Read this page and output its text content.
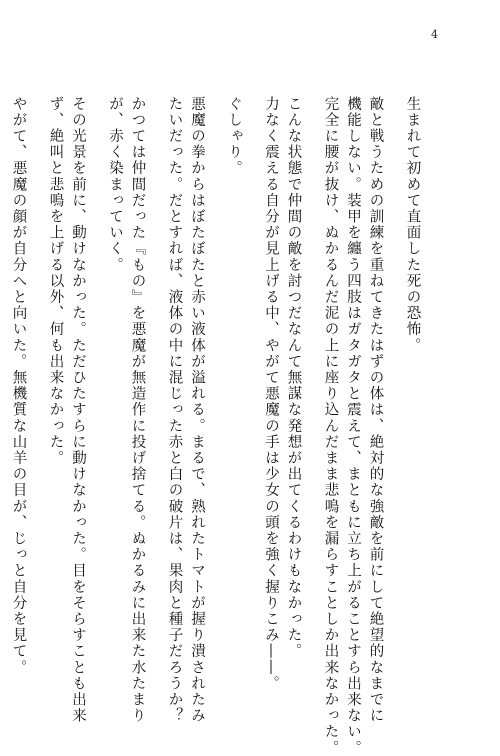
4
生まれて初めて直面した死の恐怖。
敵と戦うための訓練を重ねてきたはずの体は、絶対的な強敵を前にして絶望的なまでに
機能しない。装甲を纏う四肢はガタガタと震えて、まともに立ち上がることすら出来ない。
完全に腰が抜け、ぬかるんだ泥の上に座り込んだまま悲鳴を漏らすことしか出来なかった。
こんな状態で仲間の敵を討つだなんて無謀な発想が出てくるわけもなかった。
力なく震える自分が見上げる中、やがて悪魔の手は少女の頭を強く握りこみ――。
ぐしゃり。
悪魔の拳からはぼたぼたと赤い液体が溢れる。まるで、熟れたトマトが握り潰されたみ
たいだった。だとすれば、液体の中に混じった赤と白の破片は、果肉と種子だろうか？
かつては仲間だった『もの』を悪魔が無造作に投げ捨てる。ぬかるみに出来た水たまり
が、赤く染まっていく。
その光景を前に、動けなかった。ただひたすらに動けなかった。目をそらすことも出来
ず、絶叫と悲鳴を上げる以外、何も出来なかった。
やがて、悪魔の顔が自分へと向いた。無機質な山羊の目が、じっと自分を見て。
